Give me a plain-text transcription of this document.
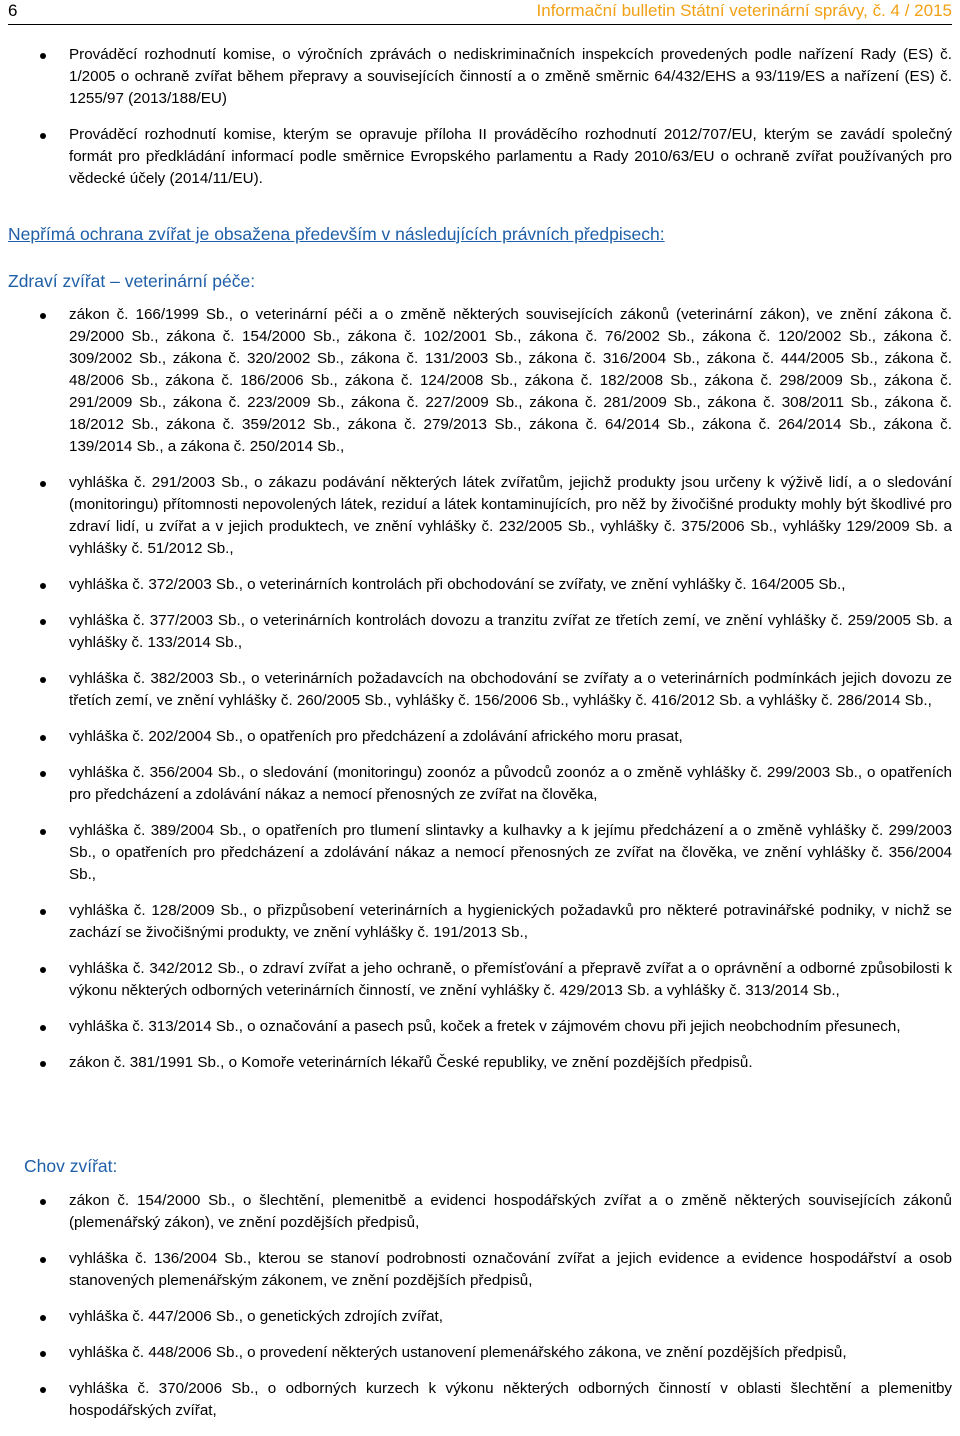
6	Informační bulletin Státní veterinární správy, č. 4 / 2015
Prováděcí rozhodnutí komise, o výročních zprávách o nediskriminačních inspekcích provedených podle nařízení Rady (ES) č. 1/2005 o ochraně zvířat během přepravy a souvisejících činností a o změně směrnic 64/432/EHS a 93/119/ES a nařízení (ES) č. 1255/97 (2013/188/EU)
Prováděcí rozhodnutí komise, kterým se opravuje příloha II prováděcího rozhodnutí 2012/707/EU, kterým se zavádí společný formát pro předkládání informací podle směrnice Evropského parlamentu a Rady 2010/63/EU o ochraně zvířat používaných pro vědecké účely (2014/11/EU).
Nepřímá ochrana zvířat je obsažena především v následujících právních předpisech:
Zdraví zvířat – veterinární péče:
zákon č. 166/1999 Sb., o veterinární péči a o změně některých souvisejících zákonů (veterinární zákon), ve znění zákona č. 29/2000 Sb., zákona č. 154/2000 Sb., zákona č. 102/2001 Sb., zákona č. 76/2002 Sb., zákona č. 120/2002 Sb., zákona č. 309/2002 Sb., zákona č. 320/2002 Sb., zákona č. 131/2003 Sb., zákona č. 316/2004 Sb., zákona č. 444/2005 Sb., zákona č. 48/2006 Sb., zákona č. 186/2006 Sb., zákona č. 124/2008 Sb., zákona č. 182/2008 Sb., zákona č. 298/2009 Sb., zákona č. 291/2009 Sb., zákona č. 223/2009 Sb., zákona č. 227/2009 Sb., zákona č. 281/2009 Sb., zákona č. 308/2011 Sb., zákona č. 18/2012 Sb., zákona č. 359/2012 Sb., zákona č. 279/2013 Sb., zákona č. 64/2014 Sb., zákona č. 264/2014 Sb., zákona č. 139/2014 Sb., a zákona č. 250/2014 Sb.,
vyhláška č. 291/2003 Sb., o zákazu podávání některých látek zvířatům, jejichž produkty jsou určeny k výživě lidí, a o sledování (monitoringu) přítomnosti nepovolených látek, reziduí a látek kontaminujících, pro něž by živočišné produkty mohly být škodlivé pro zdraví lidí, u zvířat a v jejich produktech, ve znění vyhlášky č. 232/2005 Sb., vyhlášky č. 375/2006 Sb., vyhlášky 129/2009 Sb. a vyhlášky č. 51/2012 Sb.,
vyhláška č. 372/2003 Sb., o veterinárních kontrolách při obchodování se zvířaty, ve znění vyhlášky č. 164/2005 Sb.,
vyhláška č. 377/2003 Sb., o veterinárních kontrolách dovozu a tranzitu zvířat ze třetích zemí, ve znění vyhlášky č. 259/2005 Sb. a vyhlášky č. 133/2014 Sb.,
vyhláška č. 382/2003 Sb., o veterinárních požadavcích na obchodování se zvířaty a o veterinárních podmínkách jejich dovozu ze třetích zemí, ve znění vyhlášky č. 260/2005 Sb., vyhlášky č. 156/2006 Sb., vyhlášky č. 416/2012 Sb. a vyhlášky č. 286/2014 Sb.,
vyhláška č. 202/2004 Sb., o opatřeních pro předcházení a zdolávání afrického moru prasat,
vyhláška č. 356/2004 Sb., o sledování (monitoringu) zoonóz a původců zoonóz a o změně vyhlášky č. 299/2003 Sb., o opatřeních pro předcházení a zdolávání nákaz a nemocí přenosných ze zvířat na člověka,
vyhláška č. 389/2004 Sb., o opatřeních pro tlumení slintavky a kulhavky a k jejímu předcházení a o změně vyhlášky č. 299/2003 Sb., o opatřeních pro předcházení a zdolávání nákaz a nemocí přenosných ze zvířat na člověka, ve znění vyhlášky č. 356/2004 Sb.,
vyhláška č. 128/2009 Sb., o přizpůsobení veterinárních a hygienických požadavků pro některé potravinářské podniky, v nichž se zachází se živočišnými produkty, ve znění vyhlášky č. 191/2013 Sb.,
vyhláška č. 342/2012 Sb., o zdraví zvířat a jeho ochraně, o přemísťování a přepravě zvířat a o oprávnění a odborné způsobilosti k výkonu některých odborných veterinárních činností, ve znění vyhlášky č. 429/2013 Sb. a vyhlášky č. 313/2014 Sb.,
vyhláška č. 313/2014 Sb., o označování a pasech psů, koček a fretek v zájmovém chovu při jejich neobchodním přesunech,
zákon č. 381/1991 Sb., o Komoře veterinárních lékařů České republiky, ve znění pozdějších předpisů.
Chov zvířat:
zákon č. 154/2000 Sb., o šlechtění, plemenitbě a evidenci hospodářských zvířat a o změně některých souvisejících zákonů (plemenářský zákon), ve znění pozdějších předpisů,
vyhláška č. 136/2004 Sb., kterou se stanoví podrobnosti označování zvířat a jejich evidence a evidence hospodářství a osob stanovených plemenářským zákonem, ve znění pozdějších předpisů,
vyhláška č. 447/2006 Sb., o genetických zdrojích zvířat,
vyhláška č. 448/2006 Sb., o provedení některých ustanovení plemenářského zákona, ve znění pozdějších předpisů,
vyhláška č. 370/2006 Sb., o odborných kurzech k výkonu některých odborných činností v oblasti šlechtění a plemenitby hospodářských zvířat,
